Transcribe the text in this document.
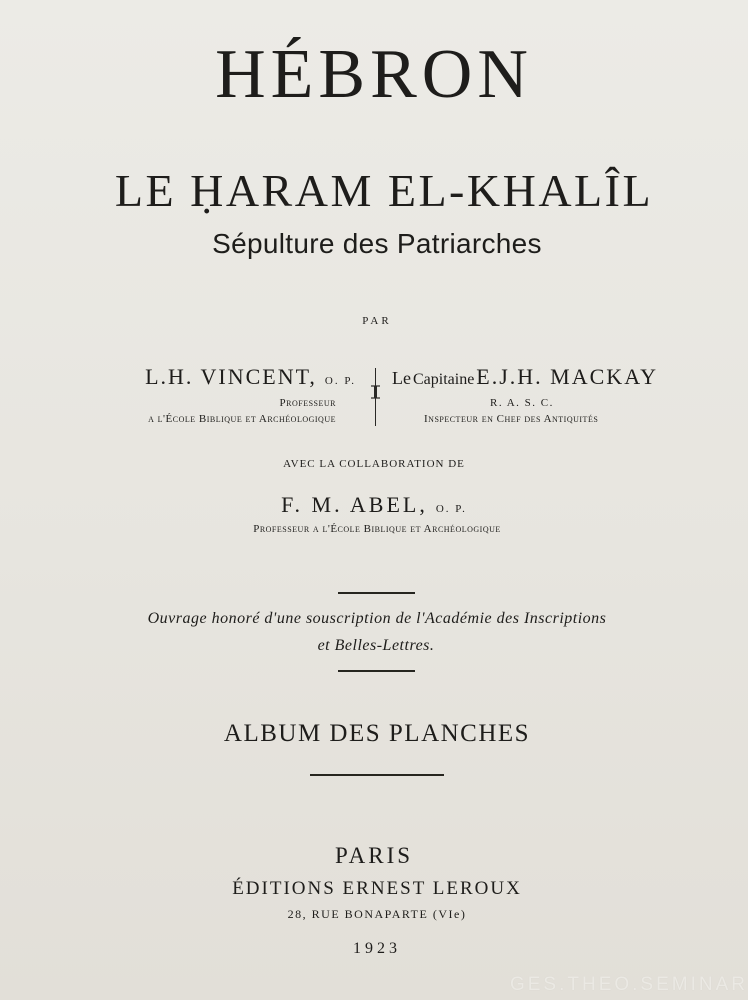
HÉBRON
LE ḤARAM EL-KHALÎL
Sépulture des Patriarches
PAR
L.H. VINCENT, O. P.
Professeur
a l'École Biblique et Archéologique
Le CapitaineE.J.H. MACKAY
R. A. S. C.
Inspecteur en Chef des Antiquités
AVEC LA COLLABORATION DE
F. M. ABEL, O. P.
Professeur a l'École Biblique et Archéologique
Ouvrage honoré d'une souscription de l'Académie des Inscriptions
et Belles-Lettres.
ALBUM DES PLANCHES
PARIS
ÉDITIONS ERNEST LEROUX
28, RUE BONAPARTE (VIe)
1923
GES.THEO.SEMINAR
